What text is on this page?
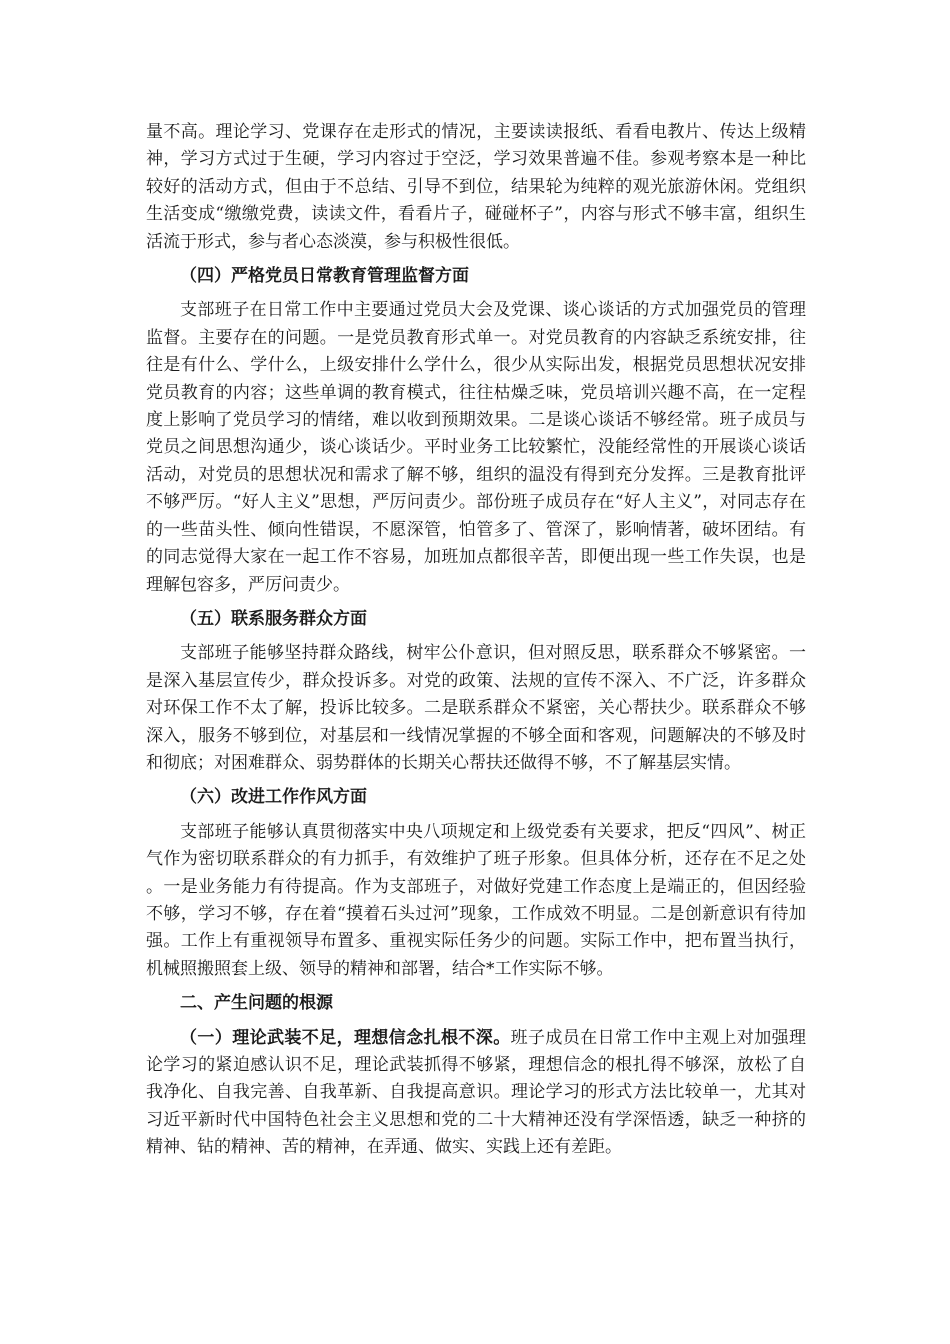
量不高。理论学习、党课存在走形式的情况，主要读读报纸、看看电教片、传达上级精神，学习方式过于生硬，学习内容过于空泛，学习效果普遍不佳。参观考察本是一种比较好的活动方式，但由于不总结、引导不到位，结果轮为纯粹的观光旅游休闲。党组织生活变成“缴缴党费，读读文件，看看片子，碰碰杯子”，内容与形式不够丰富，组织生活流于形式，参与者心态淡漠，参与积极性很低。

（四）严格党员日常教育管理监督方面

支部班子在日常工作中主要通过党员大会及党课、谈心谈话的方式加强党员的管理监督。主要存在的问题。一是党员教育形式单一。对党员教育的内容缺乏系统安排，往往是有什么、学什么，上级安排什么学什么，很少从实际出发，根据党员思想状况安排党员教育的内容；这些单调的教育模式，往往枯燥乏味，党员培训兴趣不高，在一定程度上影响了党员学习的情绪，难以收到预期效果。二是谈心谈话不够经常。班子成员与党员之间思想沟通少，谈心谈话少。平时业务工比较繁忙，没能经常性的开展谈心谈话活动，对党员的思想状况和需求了解不够，组织的温没有得到充分发挥。三是教育批评不够严厉。“好人主义”思想，严厉问责少。部份班子成员存在“好人主义”，对同志存在的一些苗头性、倾向性错误，不愿深管，怕管多了、管深了，影响情著，破坏团结。有的同志觉得大家在一起工作不容易，加班加点都很辛苦，即便出现一些工作失误，也是理解包容多，严厉问责少。

（五）联系服务群众方面

支部班子能够坚持群众路线，树牢公仆意识，但对照反思，联系群众不够紧密。一是深入基层宣传少，群众投诉多。对党的政策、法规的宣传不深入、不广泛，许多群众对环保工作不太了解，投诉比较多。二是联系群众不紧密，关心帮扶少。联系群众不够深入，服务不够到位，对基层和一线情况掌握的不够全面和客观，问题解决的不够及时和彻底；对困难群众、弱势群体的长期关心帮扶还做得不够，不了解基层实情。

（六）改进工作作风方面

支部班子能够认真贯彻落实中央八项规定和上级党委有关要求，把反“四风”、树正气作为密切联系群众的有力抓手，有效维护了班子形象。但具体分析，还存在不足之处。一是业务能力有待提高。作为支部班子，对做好党建工作态度上是端正的，但因经验不够，学习不够，存在着“摸着石头过河”现象，工作成效不明显。二是创新意识有待加强。工作上有重视领导布置多、重视实际任务少的问题。实际工作中，把布置当执行，机械照搬照套上级、领导的精神和部署，结合*工作实际不够。

二、产生问题的根源

（一）理论武装不足，理想信念扎根不深。班子成员在日常工作中主观上对加强理论学习的紧迫感认识不足，理论武装抓得不够紧，理想信念的根扎得不够深，放松了自我净化、自我完善、自我革新、自我提高意识。理论学习的形式方法比较单一，尤其对习近平新时代中国特色社会主义思想和党的二十大精神还没有学深悟透，缺乏一种挤的精神、钻的精神、苦的精神，在弄通、做实、实践上还有差距。
